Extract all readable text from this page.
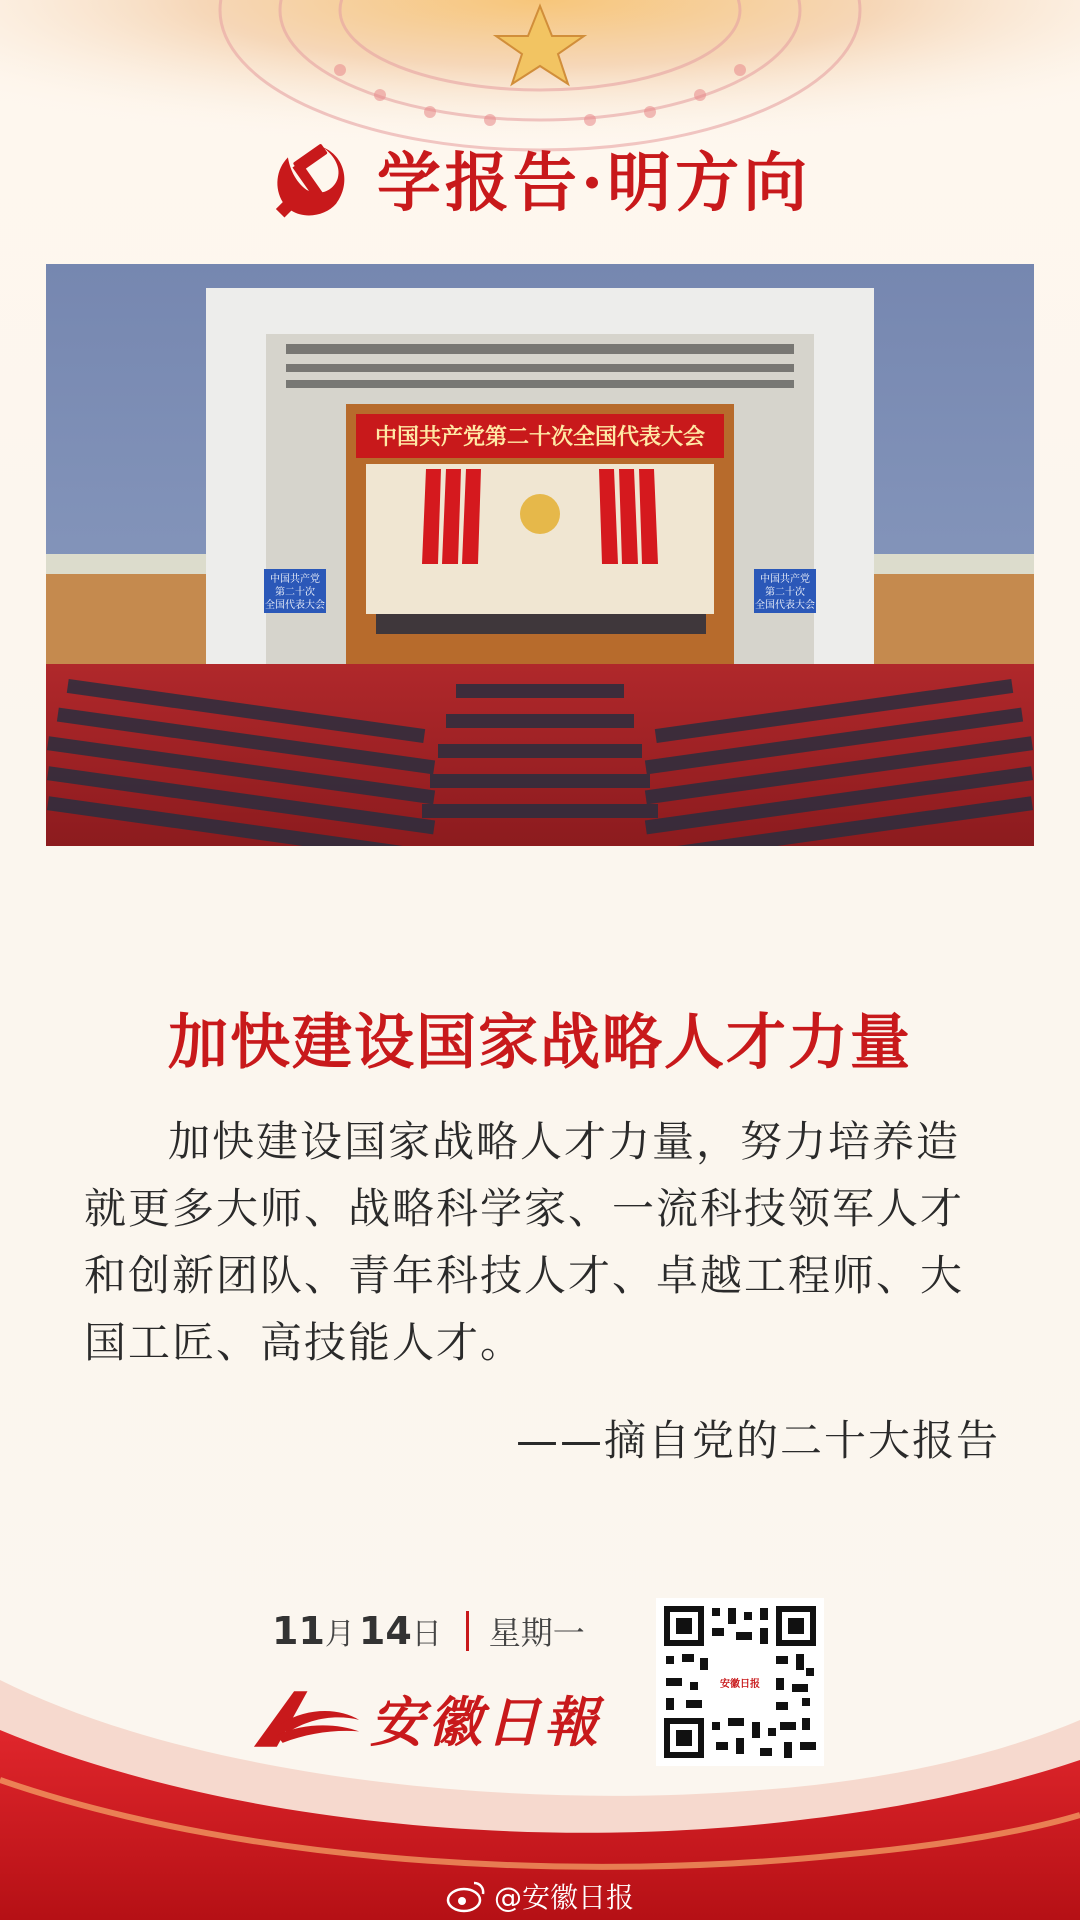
学报告·明方向
中国共产党第二十次全国代表大会
中国共产党
第二十次
全国代表大会
中国共产党
第二十次
全国代表大会
加快建设国家战略人才力量

加快建设国家战略人才力量，努力培养造就更多大师、战略科学家、一流科技领军人才和创新团队、青年科技人才、卓越工程师、大国工匠、高技能人才。

——摘自党的二十大报告
11 月 14 日 星期一
安徽日報
安徽日报
@安徽日报
